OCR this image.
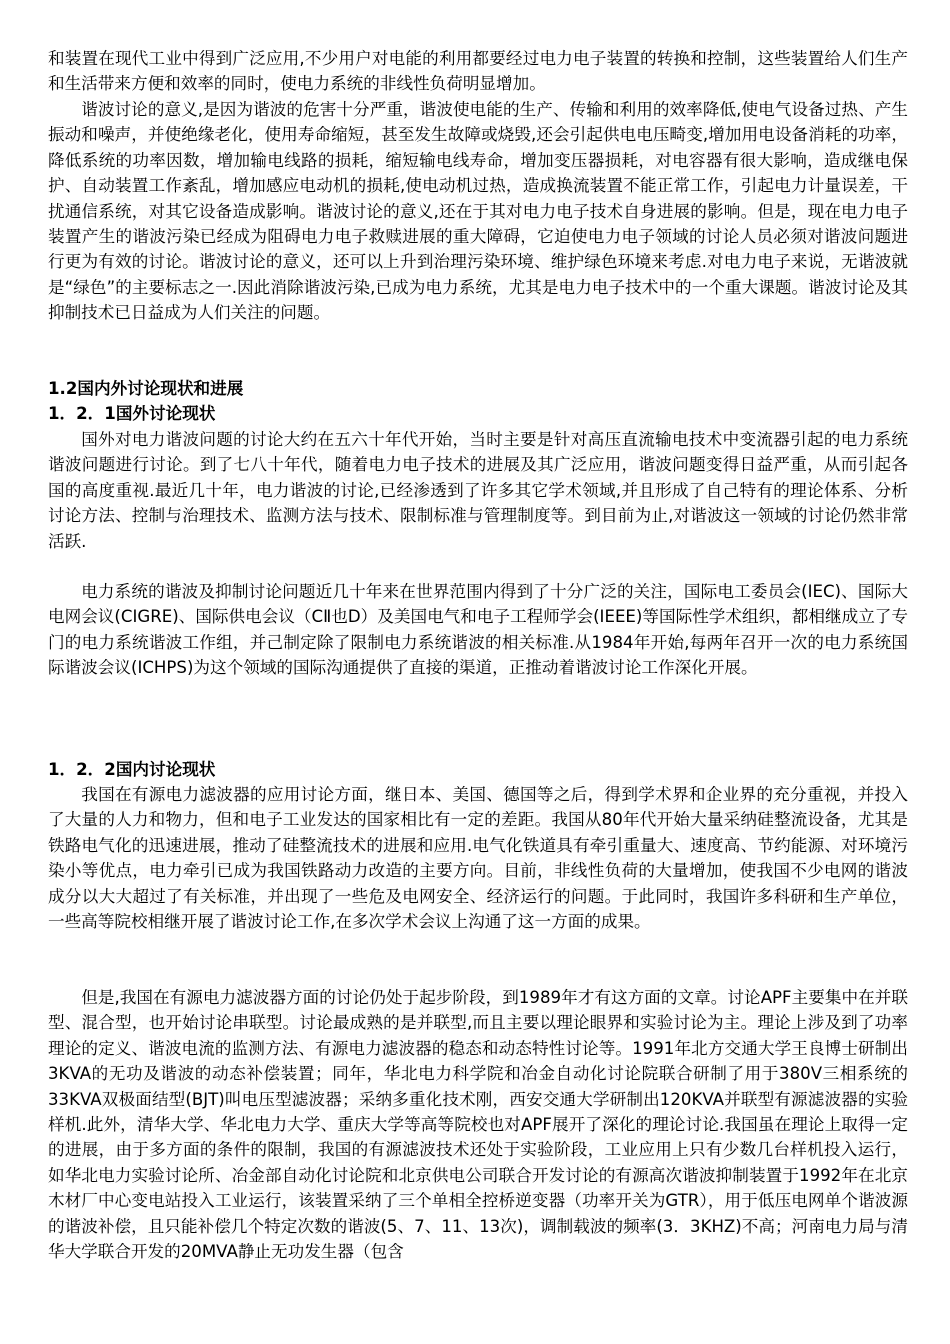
和装置在现代工业中得到广泛应用,不少用户对电能的利用都要经过电力电子装置的转换和控制，这些装置给人们生产和生活带来方便和效率的同时，使电力系统的非线性负荷明显增加。
谐波讨论的意义,是因为谐波的危害十分严重，谐波使电能的生产、传输和利用的效率降低,使电气设备过热、产生振动和噪声，并使绝缘老化，使用寿命缩短，甚至发生故障或烧毁,还会引起供电电压畸变,增加用电设备消耗的功率，降低系统的功率因数，增加输电线路的损耗，缩短输电线寿命，增加变压器损耗，对电容器有很大影响，造成继电保护、自动装置工作紊乱，增加感应电动机的损耗,使电动机过热，造成换流装置不能正常工作，引起电力计量误差，干扰通信系统，对其它设备造成影响。谐波讨论的意义,还在于其对电力电子技术自身进展的影响。但是，现在电力电子装置产生的谐波污染已经成为阻碍电力电子救赎进展的重大障碍，它迫使电力电子领域的讨论人员必须对谐波问题进行更为有效的讨论。谐波讨论的意义，还可以上升到治理污染环境、维护绿色环境来考虑.对电力电子来说，无谐波就是“绿色”的主要标志之一.因此消除谐波污染,已成为电力系统，尤其是电力电子技术中的一个重大课题。谐波讨论及其抑制技术已日益成为人们关注的问题。
1.2国内外讨论现状和进展
1．2．1国外讨论现状
国外对电力谐波问题的讨论大约在五六十年代开始，当时主要是针对高压直流输电技术中变流器引起的电力系统谐波问题进行讨论。到了七八十年代，随着电力电子技术的进展及其广泛应用，谐波问题变得日益严重，从而引起各国的高度重视.最近几十年，电力谐波的讨论,已经渗透到了许多其它学术领域,并且形成了自己特有的理论体系、分析讨论方法、控制与治理技术、监测方法与技术、限制标准与管理制度等。到目前为止,对谐波这一领域的讨论仍然非常活跃.
电力系统的谐波及抑制讨论问题近几十年来在世界范围内得到了十分广泛的关注，国际电工委员会(IEC)、国际大电网会议(CIGRE)、国际供电会议（CⅡ也D）及美国电气和电子工程师学会(IEEE)等国际性学术组织，都相继成立了专门的电力系统谐波工作组，并己制定除了限制电力系统谐波的相关标准.从1984年开始,每两年召开一次的电力系统国际谐波会议(ICHPS)为这个领域的国际沟通提供了直接的渠道，正推动着谐波讨论工作深化开展。
1．2．2国内讨论现状
我国在有源电力滤波器的应用讨论方面，继日本、美国、德国等之后，得到学术界和企业界的充分重视，并投入了大量的人力和物力，但和电子工业发达的国家相比有一定的差距。我国从80年代开始大量采纳硅整流设备，尤其是铁路电气化的迅速进展，推动了硅整流技术的进展和应用.电气化铁道具有牵引重量大、速度高、节约能源、对环境污染小等优点，电力牵引已成为我国铁路动力改造的主要方向。目前，非线性负荷的大量增加，使我国不少电网的谐波成分以大大超过了有关标准，并出现了一些危及电网安全、经济运行的问题。于此同时，我国许多科研和生产单位，一些高等院校相继开展了谐波讨论工作,在多次学术会议上沟通了这一方面的成果。
但是,我国在有源电力滤波器方面的讨论仍处于起步阶段，到1989年才有这方面的文章。讨论APF主要集中在并联型、混合型，也开始讨论串联型。讨论最成熟的是并联型,而且主要以理论眼界和实验讨论为主。理论上涉及到了功率理论的定义、谐波电流的监测方法、有源电力滤波器的稳态和动态特性讨论等。1991年北方交通大学王良博士研制出3KVA的无功及谐波的动态补偿装置；同年，华北电力科学院和冶金自动化讨论院联合研制了用于380V三相系统的33KVA双极面结型(BJT)叫电压型滤波器；采纳多重化技术刚，西安交通大学研制出120KVA并联型有源滤波器的实验样机.此外，清华大学、华北电力大学、重庆大学等高等院校也对APF展开了深化的理论讨论.我国虽在理论上取得一定的进展，由于多方面的条件的限制，我国的有源滤波技术还处于实验阶段，工业应用上只有少数几台样机投入运行，如华北电力实验讨论所、冶金部自动化讨论院和北京供电公司联合开发讨论的有源高次谐波抑制装置于1992年在北京木材厂中心变电站投入工业运行，该装置采纳了三个单相全控桥逆变器（功率开关为GTR），用于低压电网单个谐波源的谐波补偿，且只能补偿几个特定次数的谐波(5、7、11、13次)，调制载波的频率(3．3KHZ)不高；河南电力局与清华大学联合开发的20MVA静止无功发生器（包含
